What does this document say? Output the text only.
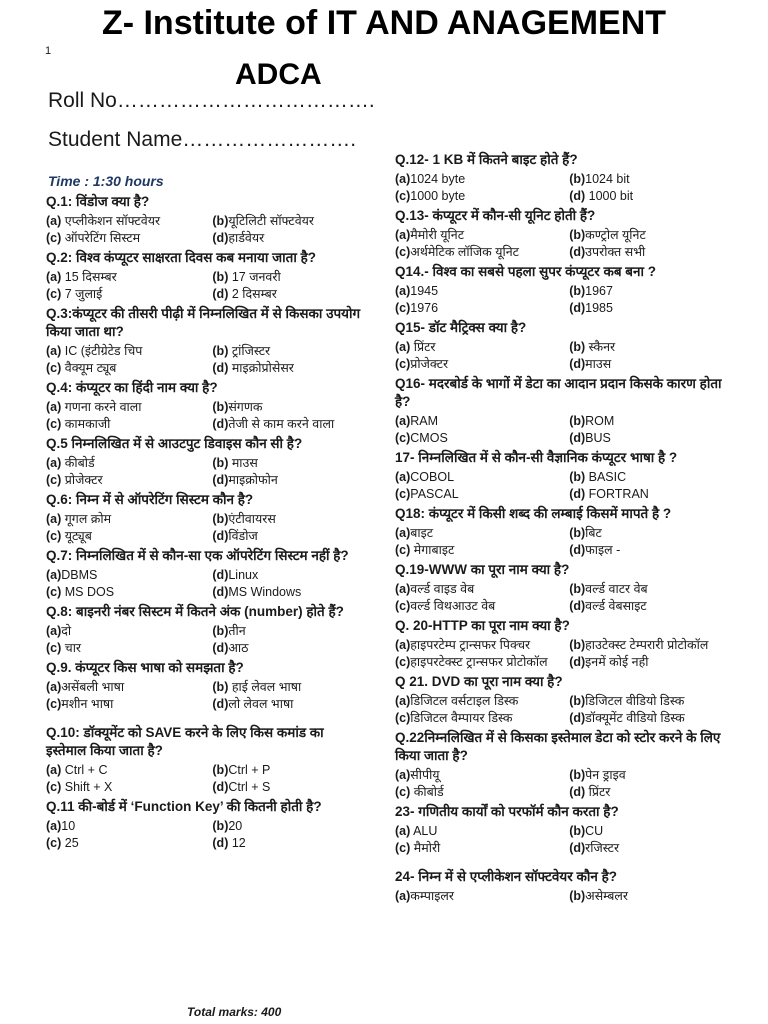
Z- Institute of IT AND ANAGEMENT
1
ADCA
Roll No……………………………….
Student Name…………………….
Time : 1:30 hours
Q.1: विंडोज क्या है?
(a) एप्लीकेशन सॉफ्टवेयर	(b)यूटिलिटी सॉफ्टवेयर
(c) ऑपरेटिंग सिस्टम	(d)हार्डवेयर
Q.2: विश्व कंप्यूटर साक्षरता दिवस कब मनाया जाता है?
(a) 15 दिसम्बर	(b) 17 जनवरी
(c) 7 जुलाई	(d) 2 दिसम्बर
Q.3:कंप्यूटर की तीसरी पीढ़ी में निम्नलिखित में से किसका उपयोग किया जाता था?
(a) IC (इंटीग्रेटेड चिप	(b) ट्रांजिस्टर
(c) वैक्यूम ट्यूब	(d) माइक्रोप्रोसेसर
Q.4: कंप्यूटर का हिंदी नाम क्या है?
(a) गणना करने वाला	(b)संगणक
(c) कामकाजी	(d)तेजी से काम करने वाला
Q.5 निम्नलिखित में से आउटपुट डिवाइस कौन सी है?
(a) कीबोर्ड	(b) माउस
(c) प्रोजेक्टर	(d)माइक्रोफोन
Q.6: निम्न में से ऑपरेटिंग सिस्टम कौन है?
(a) गूगल क्रोम	(b)एंटीवायरस
(c) यूट्यूब	(d)विंडोज
Q.7: निम्नलिखित में से कौन-सा एक ऑपरेटिंग सिस्टम नहीं है?
(a)DBMS	(d)Linux
(c) MS DOS	(d)MS Windows
Q.8: बाइनरी नंबर सिस्टम में कितने अंक (number) होते हैं?
(a)दो	(b)तीन
(c) चार	(d)आठ
Q.9. कंप्यूटर किस भाषा को समझता है?
(a)असेंबली भाषा	(b) हाई लेवल भाषा
(c)मशीन भाषा	(d)लो लेवल भाषा
Q.10: डॉक्यूमेंट को SAVE करने के लिए किस कमांड का इस्तेमाल किया जाता है?
(a) Ctrl + C	(b)Ctrl + P
(c) Shift + X	(d)Ctrl + S
Q.11 की-बोर्ड में ‘Function Key’ की कितनी होती है?
(a)10	(b)20
(c) 25	(d) 12
Q.12- 1 KB में कितने बाइट होते हैं?
(a)1024 byte	(b)1024 bit
(c)1000 byte	(d) 1000 bit
Q.13- कंप्यूटर में कौन-सी यूनिट होती हैं?
(a)मैमोरी यूनिट	(b)कण्ट्रोल यूनिट
(c)अर्थमेटिक लॉजिक यूनिट	(d)उपरोक्त सभी
Q14.- विश्व का सबसे पहला सुपर कंप्यूटर कब बना ?
(a)1945	(b)1967
(c)1976	(d)1985
Q15- डॉट मैट्रिक्स क्या है?
(a) प्रिंटर	(b) स्कैनर
(c)प्रोजेक्टर	(d)माउस
Q16- मदरबोर्ड के भागों में डेटा का आदान प्रदान किसके कारण होता है?
(a)RAM	(b)ROM
(c)CMOS	(d)BUS
17- निम्नलिखित में से कौन-सी वैज्ञानिक कंप्यूटर भाषा है ?
(a)COBOL	(b) BASIC
(c)PASCAL	(d) FORTRAN
Q18: कंप्यूटर में किसी शब्द की लम्बाई किसमें मापते है ?
(a)बाइट	(b)बिट
(c) मेगाबाइट	(d)फाइल -
Q.19-WWW का पूरा नाम क्या है?
(a)वर्ल्ड वाइड वेब	(b)वर्ल्ड वाटर वेब
(c)वर्ल्ड विथआउट वेब	(d)वर्ल्ड वेबसाइट
Q. 20-HTTP का पूरा नाम क्या है?
(a)हाइपरटेम्प ट्रान्सफर पिक्चर	(b)हाउटेक्स्ट टेम्परारी प्रोटोकॉल
(c)हाइपरटेक्स्ट ट्रान्सफर प्रोटोकॉल	(d)इनमें कोई नही
Q 21. DVD का पूरा नाम क्या है?
(a)डिजिटल वर्सटाइल डिस्क	(b)डिजिटल वीडियो डिस्क
(c)डिजिटल वैम्पायर डिस्क	(d)डॉक्यूमेंट वीडियो डिस्क
Q.22निम्नलिखित में से किसका इस्तेमाल डेटा को स्टोर करने के लिए किया जाता है?
(a)सीपीयू	(b)पेन ड्राइव
(c) कीबोर्ड	(d) प्रिंटर
23- गणितीय कार्यों को परफॉर्म कौन करता है?
(a) ALU	(b)CU
(c) मैमोरी	(d)रजिस्टर
24- निम्न में से एप्लीकेशन सॉफ्टवेयर कौन है?
(a)कम्पाइलर	(b)असेम्बलर
Total marks: 400
